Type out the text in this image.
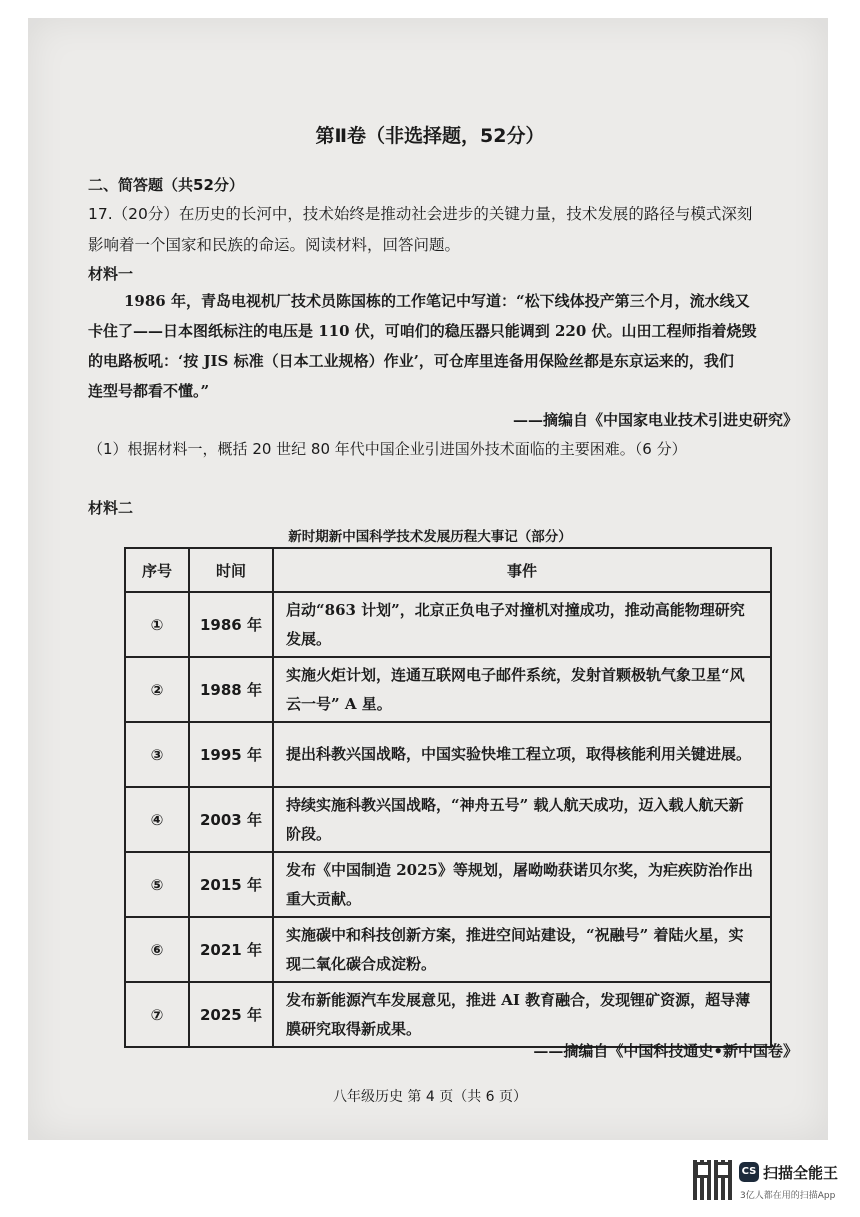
第Ⅱ卷（非选择题，52分）
二、简答题（共52分）
17.（20分）在历史的长河中，技术始终是推动社会进步的关键力量，技术发展的路径与模式深刻
影响着一个国家和民族的命运。阅读材料，回答问题。
材料一
1986 年，青岛电视机厂技术员陈国栋的工作笔记中写道：“松下线体投产第三个月，流水线又
卡住了——日本图纸标注的电压是 110 伏，可咱们的稳压器只能调到 220 伏。山田工程师指着烧毁
的电路板吼：‘按 JIS 标准（日本工业规格）作业’，可仓库里连备用保险丝都是东京运来的，我们
连型号都看不懂。”
——摘编自《中国家电业技术引进史研究》
（1）根据材料一，概括 20 世纪 80 年代中国企业引进国外技术面临的主要困难。（6 分）
材料二
新时期新中国科学技术发展历程大事记（部分）
序号	时间	事件
①	1986 年	启动“863 计划”，北京正负电子对撞机对撞成功，推动高能物理研究发展。
②	1988 年	实施火炬计划，连通互联网电子邮件系统，发射首颗极轨气象卫星“风云一号” A 星。
③	1995 年	提出科教兴国战略，中国实验快堆工程立项，取得核能利用关键进展。
④	2003 年	持续实施科教兴国战略，“神舟五号” 载人航天成功，迈入载人航天新阶段。
⑤	2015 年	发布《中国制造 2025》等规划，屠呦呦获诺贝尔奖，为疟疾防治作出重大贡献。
⑥	2021 年	实施碳中和科技创新方案，推进空间站建设，“祝融号” 着陆火星，实现二氧化碳合成淀粉。
⑦	2025 年	发布新能源汽车发展意见，推进 AI 教育融合，发现锂矿资源，超导薄膜研究取得新成果。
——摘编自《中国科技通史•新中国卷》
八年级历史 第 4 页（共 6 页）
CS 扫描全能王
3亿人都在用的扫描App
